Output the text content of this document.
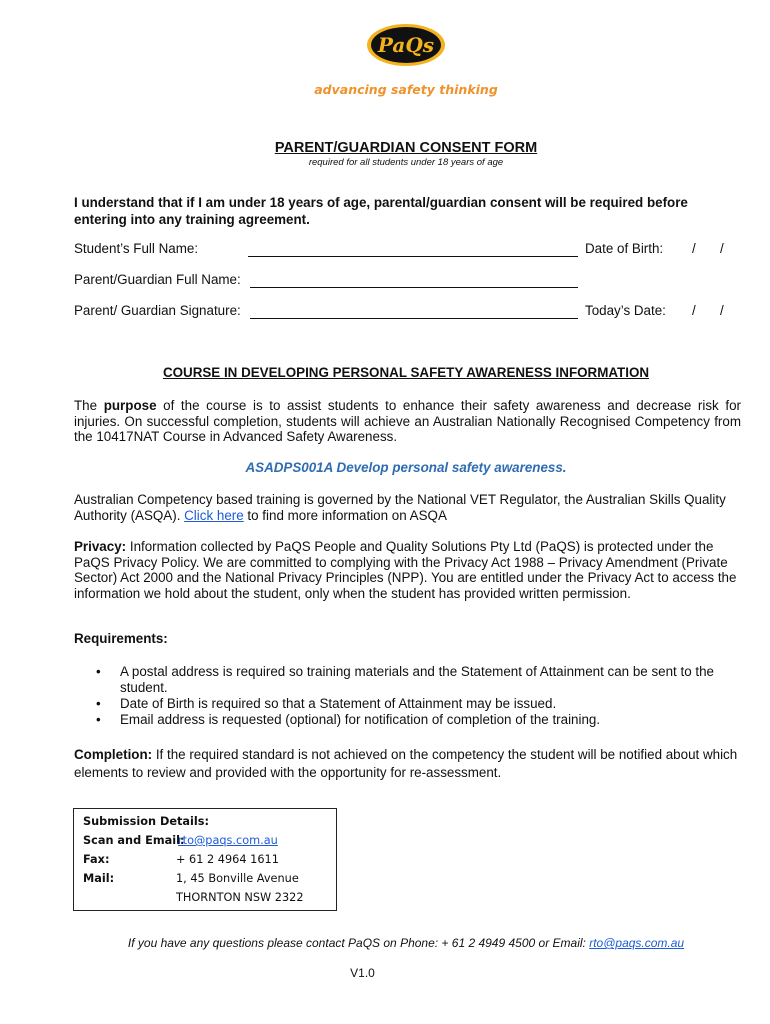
PaQs
advancing safety thinking
PARENT/GUARDIAN CONSENT FORM
required for all students under 18 years of age
I understand that if I am under 18 years of age, parental/guardian consent will be required before entering into any training agreement.
Student’s Full Name:	Date of Birth: / /
Parent/Guardian Full Name:
Parent/ Guardian Signature:	Today’s Date: / /
COURSE IN DEVELOPING PERSONAL SAFETY AWARENESS INFORMATION
The purpose of the course is to assist students to enhance their safety awareness and decrease risk for injuries. On successful completion, students will achieve an Australian Nationally Recognised Competency from the 10417NAT Course in Advanced Safety Awareness.
ASADPS001A Develop personal safety awareness.
Australian Competency based training is governed by the National VET Regulator, the Australian Skills Quality Authority (ASQA). Click here to find more information on ASQA
Privacy: Information collected by PaQS People and Quality Solutions Pty Ltd (PaQS) is protected under the PaQS Privacy Policy. We are committed to complying with the Privacy Act 1988 – Privacy Amendment (Private Sector) Act 2000 and the National Privacy Principles (NPP). You are entitled under the Privacy Act to access the information we hold about the student, only when the student has provided written permission.
Requirements:
• A postal address is required so training materials and the Statement of Attainment can be sent to the student.
• Date of Birth is required so that a Statement of Attainment may be issued.
• Email address is requested (optional) for notification of completion of the training.
Completion: If the required standard is not achieved on the competency the student will be notified about which elements to review and provided with the opportunity for re-assessment.
Submission Details:
Scan and Email:
rto@paqs.com.au
Fax:	+ 61 2 4964 1611
Mail:	1, 45 Bonville Avenue
THORNTON NSW 2322
If you have any questions please contact PaQS on Phone: + 61 2 4949 4500 or Email: rto@paqs.com.au
V1.0
